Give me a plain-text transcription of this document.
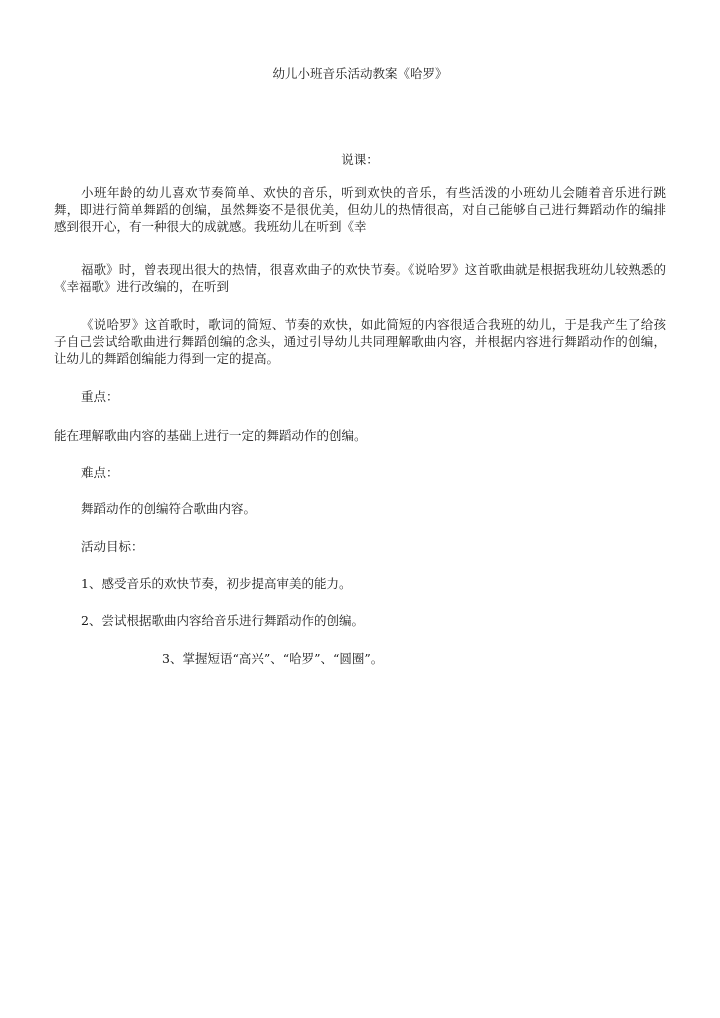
幼儿小班音乐活动教案《哈罗》
说课：
小班年龄的幼儿喜欢节奏简单、欢快的音乐，听到欢快的音乐，有些活泼的小班幼儿会随着音乐进行跳舞，即进行简单舞蹈的创编，虽然舞姿不是很优美，但幼儿的热情很高，对自己能够自己进行舞蹈动作的编排感到很开心，有一种很大的成就感。我班幼儿在听到《幸
福歌》时，曾表现出很大的热情，很喜欢曲子的欢快节奏。《说哈罗》这首歌曲就是根据我班幼儿较熟悉的《幸福歌》进行改编的，在听到
《说哈罗》这首歌时，歌词的简短、节奏的欢快，如此简短的内容很适合我班的幼儿，于是我产生了给孩子自己尝试给歌曲进行舞蹈创编的念头，通过引导幼儿共同理解歌曲内容，并根据内容进行舞蹈动作的创编，让幼儿的舞蹈创编能力得到一定的提高。
重点：
能在理解歌曲内容的基础上进行一定的舞蹈动作的创编。
难点：
舞蹈动作的创编符合歌曲内容。
活动目标：
1、感受音乐的欢快节奏，初步提高审美的能力。
2、尝试根据歌曲内容给音乐进行舞蹈动作的创编。
3、掌握短语“高兴”、“哈罗”、“圆圈”。
